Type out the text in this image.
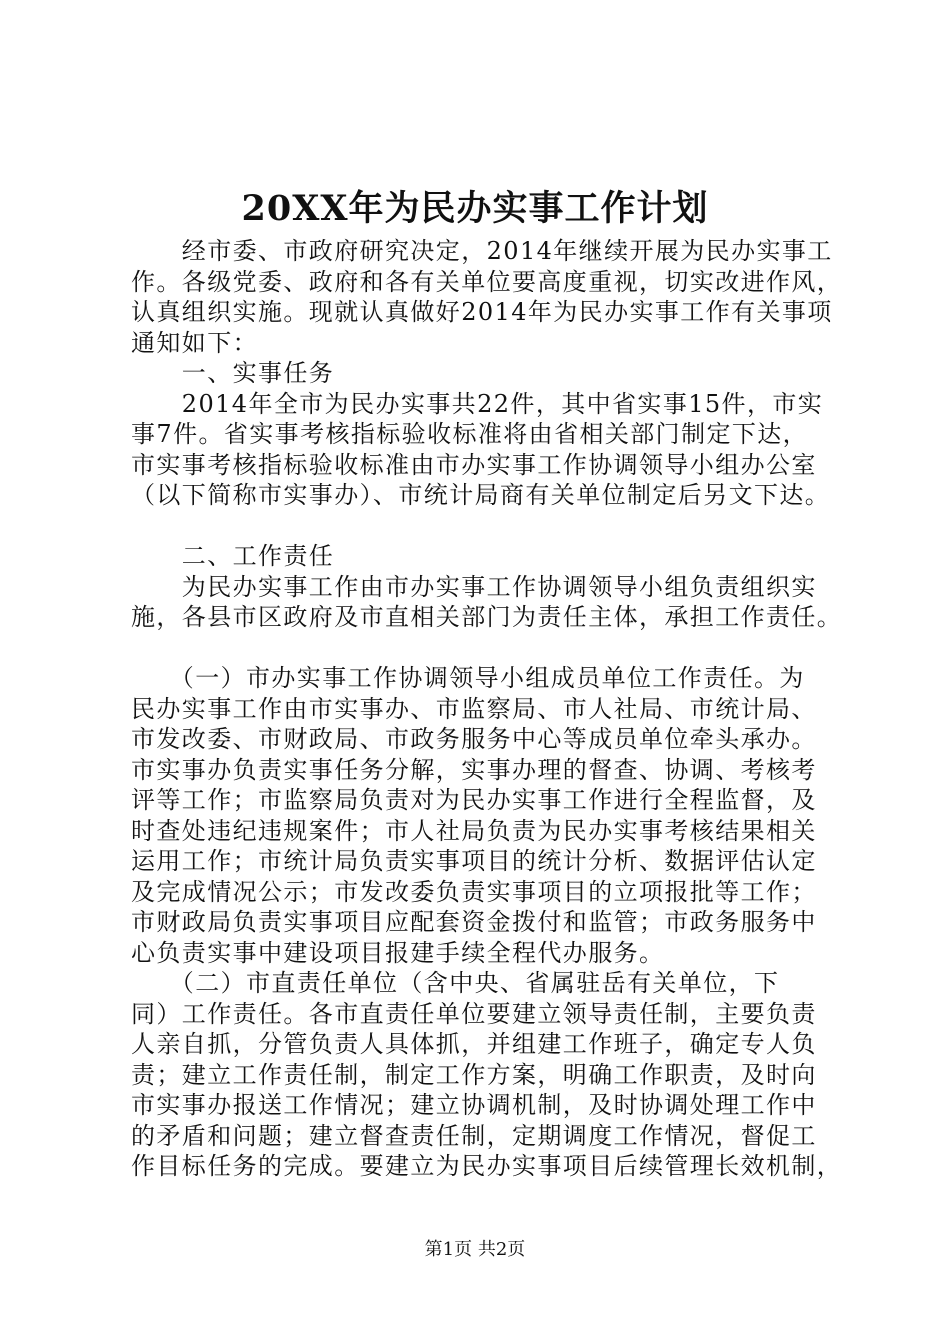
20XX年为民办实事工作计划
　　经市委、市政府研究决定，2014年继续开展为民办实事工
作。各级党委、政府和各有关单位要高度重视，切实改进作风，
认真组织实施。现就认真做好2014年为民办实事工作有关事项
通知如下：
　　一、实事任务
　　2014年全市为民办实事共22件，其中省实事15件，市实
事7件。省实事考核指标验收标准将由省相关部门制定下达，
市实事考核指标验收标准由市办实事工作协调领导小组办公室
（以下简称市实事办）、市统计局商有关单位制定后另文下达。
　　二、工作责任
　　为民办实事工作由市办实事工作协调领导小组负责组织实
施，各县市区政府及市直相关部门为责任主体，承担工作责任。
　　（一）市办实事工作协调领导小组成员单位工作责任。为
民办实事工作由市实事办、市监察局、市人社局、市统计局、
市发改委、市财政局、市政务服务中心等成员单位牵头承办。
市实事办负责实事任务分解，实事办理的督查、协调、考核考
评等工作；市监察局负责对为民办实事工作进行全程监督，及
时查处违纪违规案件；市人社局负责为民办实事考核结果相关
运用工作；市统计局负责实事项目的统计分析、数据评估认定
及完成情况公示；市发改委负责实事项目的立项报批等工作；
市财政局负责实事项目应配套资金拨付和监管；市政务服务中
心负责实事中建设项目报建手续全程代办服务。
　　（二）市直责任单位（含中央、省属驻岳有关单位，下
同）工作责任。各市直责任单位要建立领导责任制，主要负责
人亲自抓，分管负责人具体抓，并组建工作班子，确定专人负
责；建立工作责任制，制定工作方案，明确工作职责，及时向
市实事办报送工作情况；建立协调机制，及时协调处理工作中
的矛盾和问题；建立督查责任制，定期调度工作情况，督促工
作目标任务的完成。要建立为民办实事项目后续管理长效机制，
第1页 共2页
